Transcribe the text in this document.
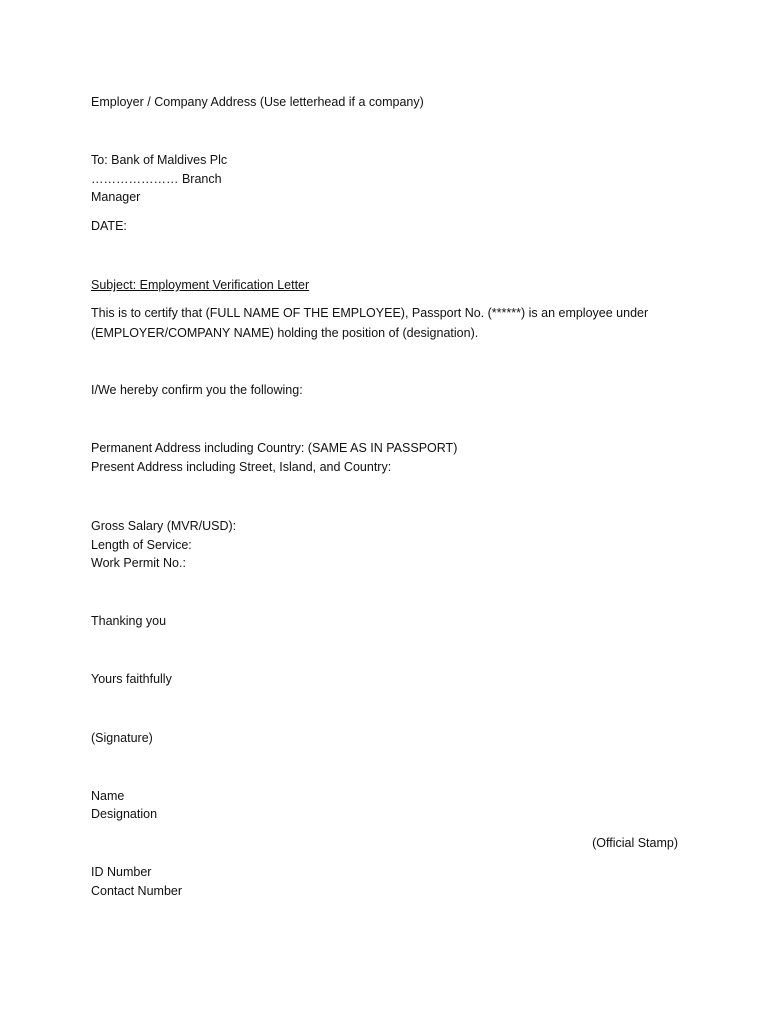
Employer / Company Address (Use letterhead if a company)
To: Bank of Maldives Plc
………………… Branch
Manager
DATE:
Subject: Employment Verification Letter
This is to certify that (FULL NAME OF THE EMPLOYEE), Passport No. (******) is an employee under
(EMPLOYER/COMPANY NAME) holding the position of (designation).
I/We hereby confirm you the following:
Permanent Address including Country: (SAME AS IN PASSPORT)
Present Address including Street, Island, and Country:
Gross Salary (MVR/USD):
Length of Service:
Work Permit No.:
Thanking you
Yours faithfully
(Signature)
Name
Designation
(Official Stamp)
ID Number
Contact Number
